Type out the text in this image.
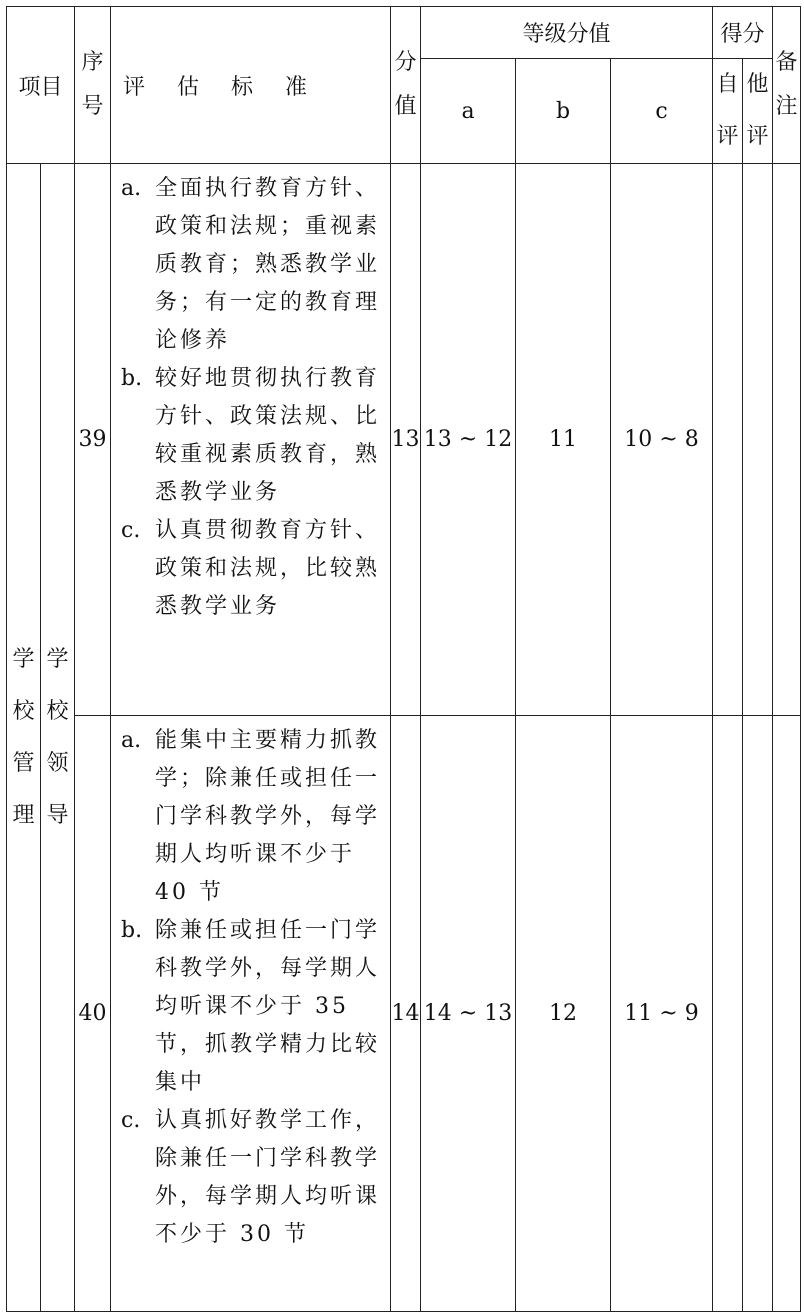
项目		序号	评估标准	分值	等级分值			得分		备注
					a	b	c	自评	他评	
学校管理	学校领导	39	a. 全面执行教育方针、政策和法规；重视素质教育；熟悉教学业务；有一定的教育理论修养
b. 较好地贯彻执行教育方针、政策法规、比较重视素质教育，熟悉教学业务
c. 认真贯彻教育方针、政策和法规，比较熟悉教学业务	13	13 ~ 12	11	10 ~ 8			
		40	a. 能集中主要精力抓教学；除兼任或担任一门学科教学外，每学期人均听课不少于 40 节
b. 除兼任或担任一门学科教学外，每学期人均听课不少于 35 节，抓教学精力比较集中
c. 认真抓好教学工作，除兼任一门学科教学外，每学期人均听课不少于 30 节	14	14 ~ 13	12	11 ~ 9			
